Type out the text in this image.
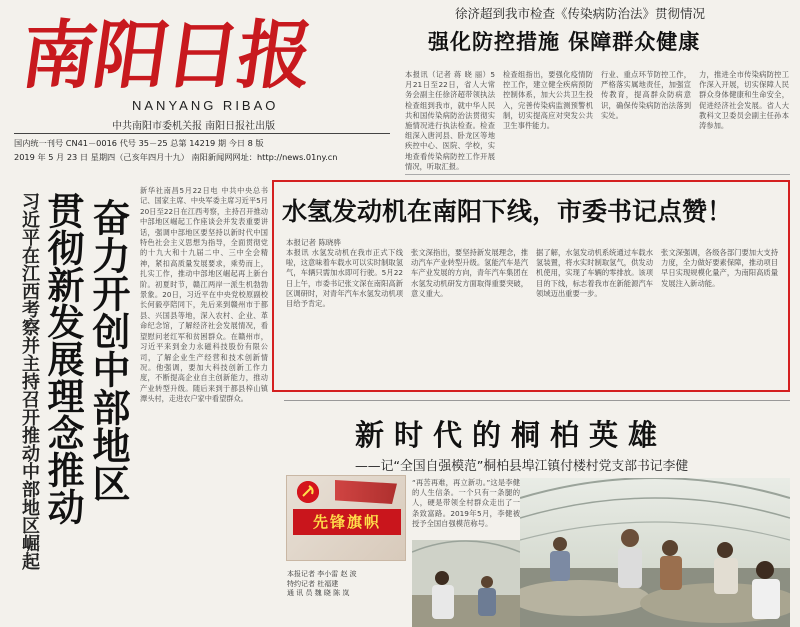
南阳日报
NANYANG RIBAO
中共南阳市委机关报 南阳日报社出版
国内统一刊号 CN41－0016 代号 35－25 总第 14219 期 今日 8 版
2019 年 5 月 23 日 星期四（己亥年四月十九） 南阳新闻网网址：http://news.01ny.cn
徐济超到我市检查《传染病防治法》贯彻情况
强化防控措施 保障群众健康
本报讯（记者 蒋 晓 丽）5月21日至22日，省人大常务会副主任徐济超带领执法检查组到我市，就中华人民共和国传染病防治法贯彻实施情况进行执法检查。检查组深入唐河县、卧龙区等地疾控中心、医院、学校，实地查看传染病防控工作开展情况，听取汇报。
检查组指出，要强化疫情防控工作，建立健全疾病预防控制体系，加大公共卫生投入，完善传染病监测预警机制，切实提高应对突发公共卫生事件能力。
行业、重点环节防控工作，严格落实属地责任，加强宣传教育，提高群众防病意识，确保传染病防治法落到实处。
力，推进全市传染病防控工作深入开展，切实保障人民群众身体健康和生命安全，促进经济社会发展。省人大教科文卫委员会副主任孙本涛参加。
习近平在江西考察并主持召开推动中部地区崛起 奋力开创中部地区
贯彻新发展理念推动
新华社南昌5月22日电 中共中央总书记、国家主席、中央军委主席习近平5月20日至22日在江西考察，主持召开推动中部地区崛起工作座谈会并发表重要讲话，强调中部地区要坚持以新时代中国特色社会主义思想为指导，全面贯彻党的十九大和十九届二中、三中全会精神，紧扣高质量发展要求，乘势而上，扎实工作，推动中部地区崛起再上新台阶。初夏时节，赣江两岸一派生机勃勃景象。20日，习近平在中央党校原副校长何毅亭陪同下，先后来到赣州市于都县、兴国县等地，深入农村、企业、革命纪念馆，了解经济社会发展情况，看望慰问老红军和贫困群众。在赣州市，习近平来到金力永磁科技股份有限公司，了解企业生产经营和技术创新情况。他强调，要加大科技创新工作力度，不断提高企业自主创新能力，推动产业转型升级。随后来到于都县梓山镇潭头村，走进农户家中看望群众。
水氢发动机在南阳下线，市委书记点赞！
本报记者 陈晓骅
本报讯 水氢发动机在我市正式下线啦，这意味着车载水可以实时制取氢气，车辆只需加水即可行驶。5月22日上午，市委书记张文深在南阳高新区调研时，对青年汽车水氢发动机项目给予肯定。
张文深指出，要坚持新发展理念，推动汽车产业转型升级。氢能汽车是汽车产业发展的方向，青年汽车集团在水氢发动机研发方面取得重要突破，意义重大。
据了解，水氢发动机系统通过车载水氢装置，将水实时制取氢气，供发动机使用，实现了车辆的零排放。该项目的下线，标志着我市在新能源汽车领域迈出重要一步。
张文深强调，各级各部门要加大支持力度，全力做好要素保障，推动项目早日实现规模化量产，为南阳高质量发展注入新动能。
新时代的桐柏英雄
——记“全国自强模范”桐柏县埠江镇付楼村党支部书记李健
先锋旗帜
本报记者 李小雷 赵 波
特约记者 杜福建
通 讯 员 魏 晓 陈 岚
“再苦再难，再立新功。”这是李健的人生信条。一个只有一条腿的人，硬是带领全村群众走出了一条致富路。2019年5月，李健被授予全国自强模范称号。
